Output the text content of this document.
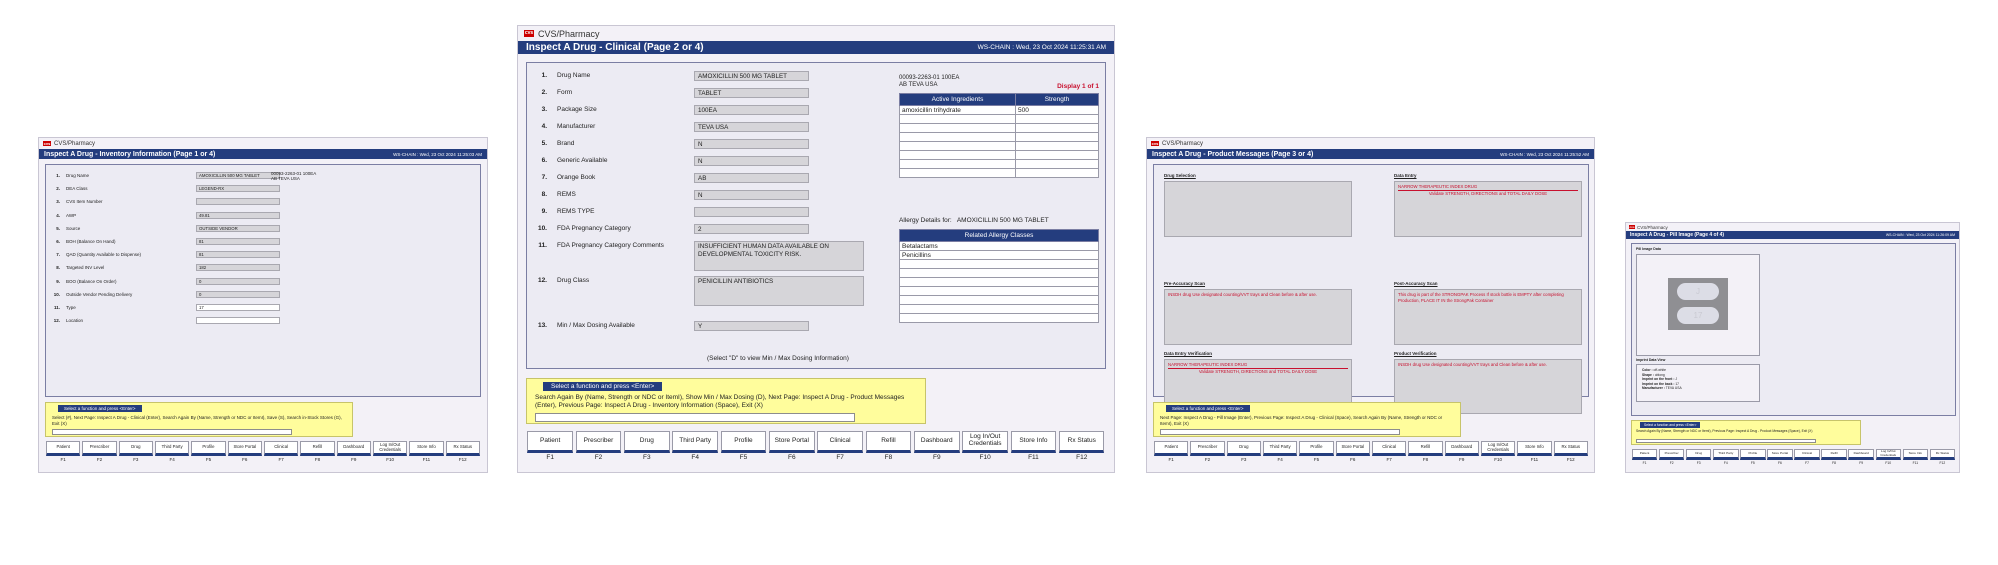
cvs CVS/Pharmacy
Inspect A Drug - Inventory Information (Page 1 or 4)	WS-CHAIN : Wed, 23 Oct 2024 11:25:03 AM
1.	Drug Name	AMOXICILLIN 500 MG TABLET
2.	DEA Class	LEGEND-RX
3.	CVS Item Number
4.	AWP	49.81
5.	Source	OUTSIDE VENDOR
6.	BOH (Balance On Hand)	81
7.	QAD (Quantity Available to Dispense)	81
8.	Targeted INV Level	182
9.	BOO (Balance On Order)	0
10.	Outside Vendor Pending Delivery	0
11.	Type	17
12.	Location
00093-2263-01 100EA
AB TEVA USA
Select a function and press <Enter>
Select (#), Next Page: Inspect A Drug - Clinical (Enter), Search Again By (Name, Strength or NDC or ItemI), Save (S), Search in-Stock Stores (G), Exit (X)
Patient
F1
Prescriber
F2
Drug
F3
Third Party
F4
Profile
F5
Store Portal
F6
Clinical
F7
Refill
F8
Dashboard
F9
Log In/Out Credentials
F10
Store Info
F11
Rx Status
F12
cvs CVS/Pharmacy
Inspect A Drug - Clinical (Page 2 or 4)	WS-CHAIN : Wed, 23 Oct 2024 11:25:31 AM
1.	Drug Name	AMOXICILLIN 500 MG TABLET
2.	Form	TABLET
3.	Package Size	100EA
4.	Manufacturer	TEVA USA
5.	Brand	N
6.	Generic Available	N
7.	Orange Book	AB
8.	REMS	N
9.	REMS TYPE
10.	FDA Pregnancy Category	2
11.	FDA Pregnancy Category Comments	INSUFFICIENT HUMAN DATA AVAILABLE ON DEVELOPMENTAL TOXICITY RISK.
12.	Drug Class	PENICILLIN ANTIBIOTICS
13.	Min / Max Dosing Available	Y
(Select "D" to view Min / Max Dosing Information)
00093-2263-01 100EA
AB TEVA USA	Display 1 of 1
Active Ingredients	Strength
amoxicillin trihydrate	500

Allergy Details for: AMOXICILLIN 500 MG TABLET
Related Allergy Classes
Betalactams
Penicillins

Select a function and press <Enter>
Search Again By (Name, Strength or NDC or ItemI), Show Min / Max Dosing (D), Next Page: Inspect A Drug - Product Messages (Enter), Previous Page: Inspect A Drug - Inventory Information (Space), Exit (X)
Patient
F1
Prescriber
F2
Drug
F3
Third Party
F4
Profile
F5
Store Portal
F6
Clinical
F7
Refill
F8
Dashboard
F9
Log In/Out Credentials
F10
Store Info
F11
Rx Status
F12
cvs CVS/Pharmacy
Inspect A Drug - Product Messages (Page 3 or 4)	WS-CHAIN : Wed, 23 Oct 2024 11:25:52 AM
Drug Selection	Data Entry
NARROW THERAPEUTIC INDEX DRUG
Validate STRENGTH, DIRECTIONS and TOTAL DAILY DOSE
Pre-Accuracy Scan
INSDH drug Use designated counting/VVT trays and Clean before & after use.
Post-Accuracy Scan
This drug is part of the STRONGPAK Process If stock bottle is EMPTY after completing Production, PLACE IT IN the StrongPak Container
Data Entry Verification
NARROW THERAPEUTIC INDEX DRUG
Validate STRENGTH, DIRECTIONS and TOTAL DAILY DOSE
Product Verification
INSDH drug Use designated counting/VVT trays and Clean before & after use.
Select a function and press <Enter>
Next Page: Inspect A Drug - Pill Image (Enter), Previous Page: Inspect A Drug - Clinical (Space), Search Again By (Name, Strength or NDC or ItemI), Exit (X)
Patient
F1
Prescriber
F2
Drug
F3
Third Party
F4
Profile
F5
Store Portal
F6
Clinical
F7
Refill
F8
Dashboard
F9
Log In/Out Credentials
F10
Store Info
F11
Rx Status
F12
cvs CVS/Pharmacy
Inspect A Drug - Pill Image (Page 4 of 4)	WS-CHAIN : Wed, 23 Oct 2024 11:26:09 AM
Pill Image Data
J
17
Imprint Data View
Color : off-white
Shape : oblong
Imprint on the front : J
Imprint on the back : 17
Manufacturer : TEVA USA
Select a function and press <Enter>
Search Again By (Name, Strength or NDC or ItemI), Previous Page: Inspect A Drug - Product Messages (Space), Exit (X)
Patient
F1
Prescriber
F2
Drug
F3
Third Party
F4
Profile
F5
Store Portal
F6
Clinical
F7
Refill
F8
Dashboard
F9
Log In/Out Credentials
F10
Store Info
F11
Rx Status
F12
